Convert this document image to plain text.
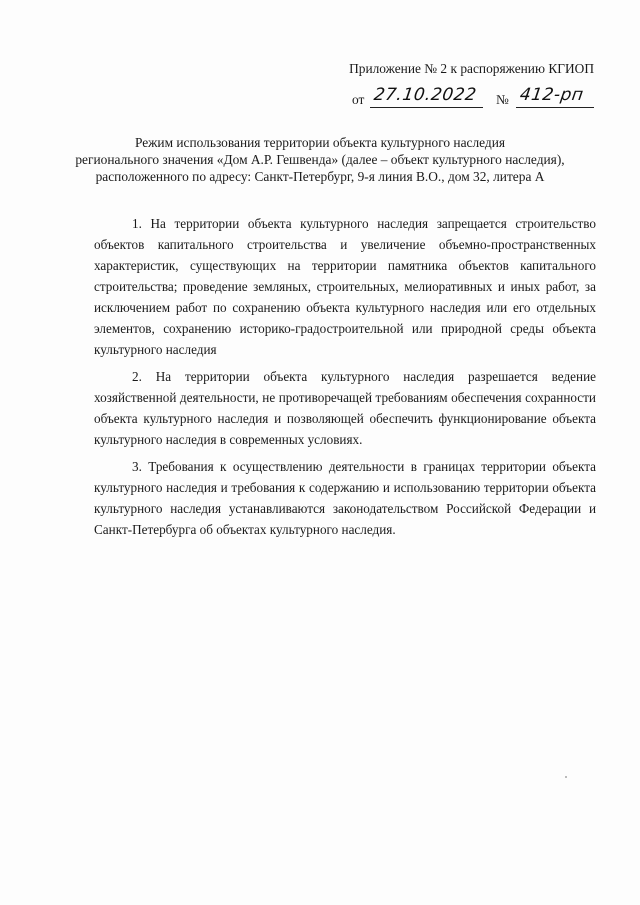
Приложение № 2 к распоряжению КГИОП
от 27.10.2022 № 412-рп

Режим использования территории объекта культурного наследия

регионального значения «Дом А.Р. Гешвенда» (далее – объект культурного наследия),

расположенного по адресу: Санкт-Петербург, 9-я линия В.О., дом 32, литера А

1. На территории объекта культурного наследия запрещается строительство объектов капитального строительства и увеличение объемно-пространственных характеристик, существующих на территории памятника объектов капитального строительства; проведение земляных, строительных, мелиоративных и иных работ, за исключением работ по сохранению объекта культурного наследия или его отдельных элементов, сохранению историко-градостроительной или природной среды объекта культурного наследия

2. На территории объекта культурного наследия разрешается ведение хозяйственной деятельности, не противоречащей требованиям обеспечения сохранности объекта культурного наследия и позволяющей обеспечить функционирование объекта культурного наследия в современных условиях.

3. Требования к осуществлению деятельности в границах территории объекта культурного наследия и требования к содержанию и использованию территории объекта культурного наследия устанавливаются законодательством Российской Федерации и Санкт-Петербурга об объектах культурного наследия.
